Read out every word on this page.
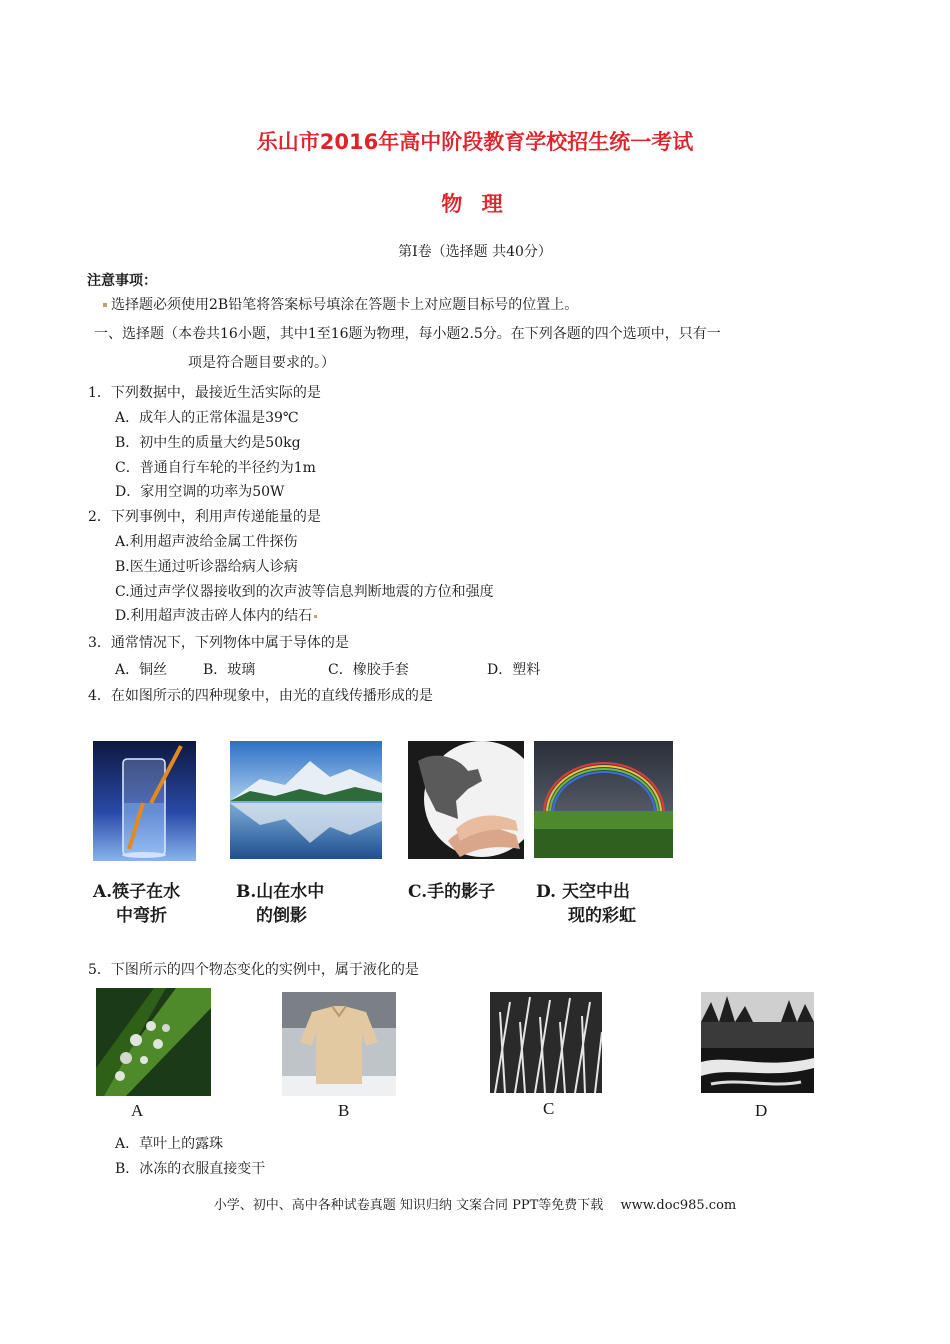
乐山市2016年高中阶段教育学校招生统一考试
物 理
第Ⅰ卷（选择题 共40分）
注意事项：
选择题必须使用2B铅笔将答案标号填涂在答题卡上对应题目标号的位置上。
一、选择题（本卷共16小题，其中1至16题为物理，每小题2.5分。在下列各题的四个选项中，只有一
项是符合题目要求的。）
1．下列数据中，最接近生活实际的是
A．成年人的正常体温是39℃
B．初中生的质量大约是50kg
C．普通自行车轮的半径约为1m
D．家用空调的功率为50W
2．下列事例中，利用声传递能量的是
A.利用超声波给金属工件探伤
B.医生通过听诊器给病人诊病
C.通过声学仪器接收到的次声波等信息判断地震的方位和强度
D.利用超声波击碎人体内的结石
3．通常情况下，下列物体中属于导体的是
A．铜丝	B．玻璃	C．橡胶手套	D．塑料
4．在如图所示的四种现象中，由光的直线传播形成的是
A.筷子在水
中弯折
B.山在水中
的倒影
C.手的影子 D. 天空中出
现的彩虹
5．下图所示的四个物态变化的实例中，属于液化的是
A	B	C	D
A．草叶上的露珠
B．冰冻的衣服直接变干
小学、初中、高中各种试卷真题 知识归纳 文案合同 PPT等免费下载　 www.doc985.com
